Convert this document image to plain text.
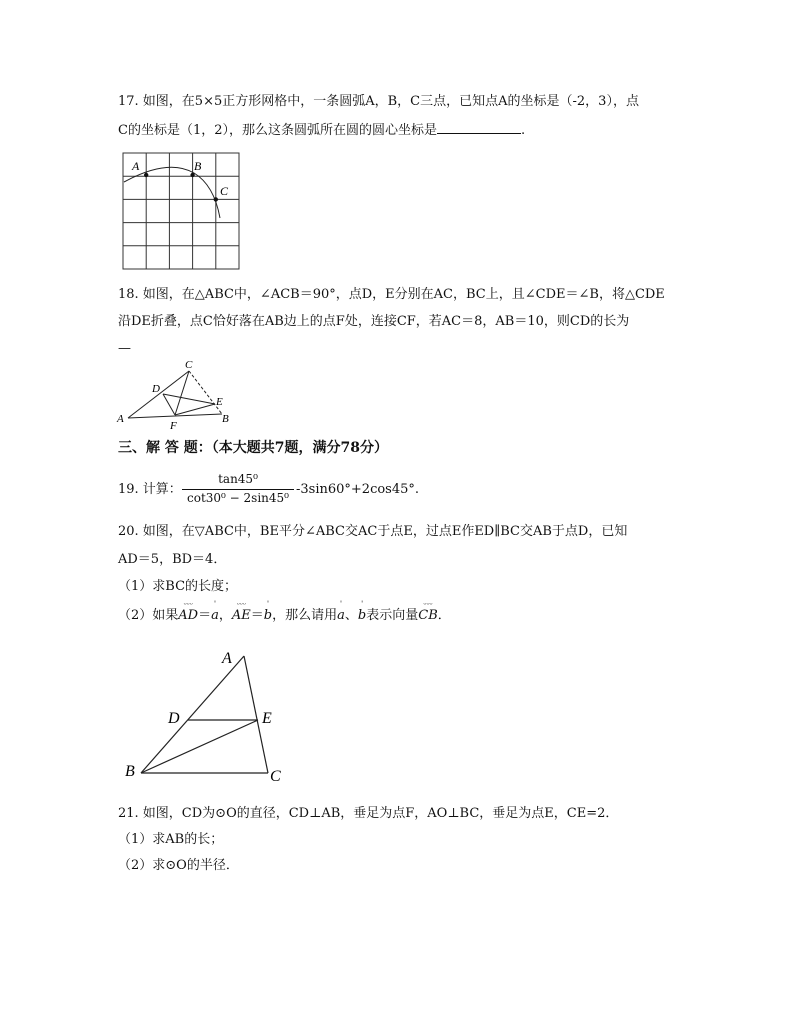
17. 如图，在5×5正方形网格中，一条圆弧A，B，C三点，已知点A的坐标是（-2，3），点
C的坐标是（1，2），那么这条圆弧所在圆的圆心坐标是	.
A	B
C
18. 如图，在△ABC中，∠ACB＝90°，点D，E分别在AC，BC上，且∠CDE＝∠B，将△CDE
沿DE折叠，点C恰好落在AB边上的点F处，连接CF，若AC＝8，AB＝10，则CD的长为
—
C
D
E
A	B
F
三、解 答 题：（本大题共7题，满分78分）
19. 计算：
tan45⁰
cot30⁰ − 2sin45⁰
-3sin60°+2cos45°.
20. 如图，在▽ABC中，BE平分∠ABC交AC于点E，过点E作ED∥BC交AB于点D，已知
AD＝5，BD＝4．
（1）求BC的长度；
（2）如果
ᵕᵕᵕ
AD＝
ˈ
a，
ᵕᵕᵕ
AE＝
ˈ
b，那么请用
ˈ
a、
ˈ
b表示向量
ᵕᵕᵕ
CB．
A
D	E
B	C
21. 如图，CD为⊙O的直径，CD⊥AB，垂足为点F，AO⊥BC，垂足为点E，CE=2．
（1）求AB的长；
（2）求⊙O的半径．
